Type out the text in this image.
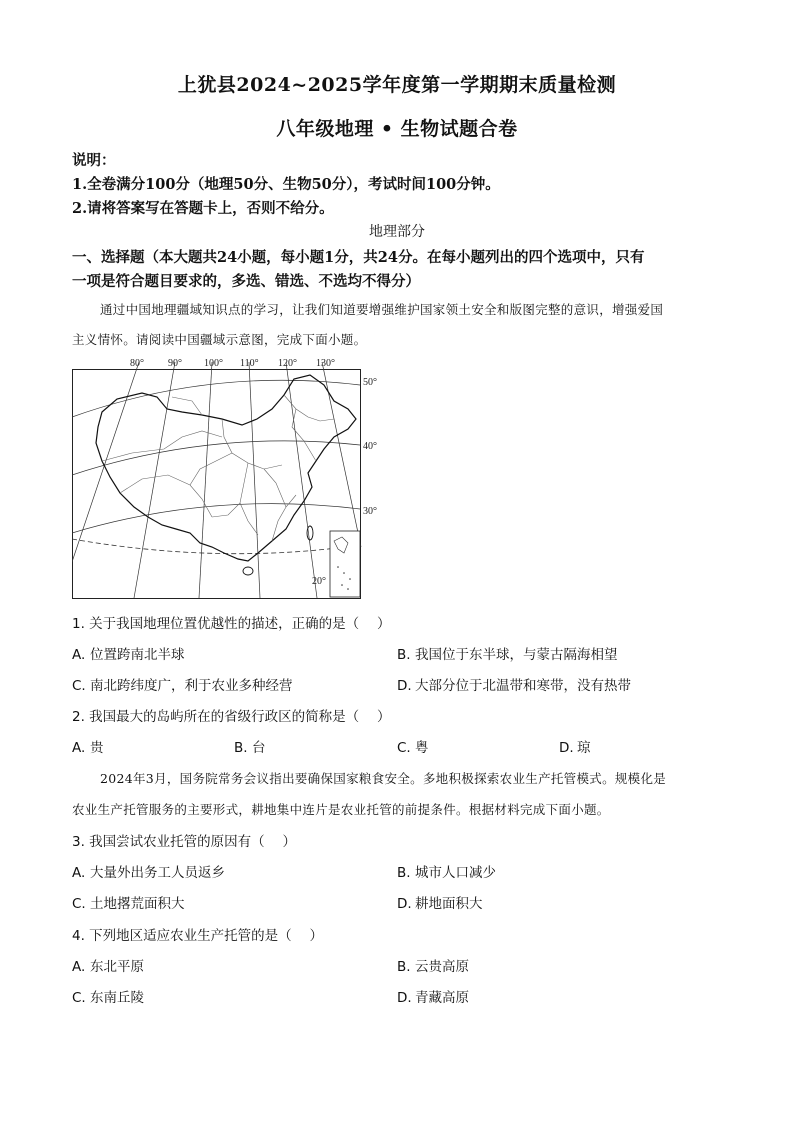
上犹县2024~2025学年度第一学期期末质量检测
八年级地理 • 生物试题合卷
说明：
1.全卷满分100分（地理50分、生物50分），考试时间100分钟。
2.请将答案写在答题卡上，否则不给分。
地理部分
一、选择题（本大题共24小题，每小题1分，共24分。在每小题列出的四个选项中，只有
一项是符合题目要求的，多选、错选、不选均不得分）
通过中国地理疆域知识点的学习，让我们知道要增强维护国家领土安全和版图完整的意识，增强爱国
主义情怀。请阅读中国疆域示意图，完成下面小题。
80° 90° 100° 110° 120° 130°
50°
40°
30°
20°
1. 关于我国地理位置优越性的描述，正确的是（　 ）
A. 位置跨南北半球	B. 我国位于东半球，与蒙古隔海相望
C. 南北跨纬度广，利于农业多种经营	D. 大部分位于北温带和寒带，没有热带
2. 我国最大的岛屿所在的省级行政区的简称是（　 ）
A. 贵	B. 台	C. 粤	D. 琼
2024年3月，国务院常务会议指出要确保国家粮食安全。多地积极探索农业生产托管模式。规模化是
农业生产托管服务的主要形式，耕地集中连片是农业托管的前提条件。根据材料完成下面小题。
3. 我国尝试农业托管的原因有（　 ）
A. 大量外出务工人员返乡	B. 城市人口减少
C. 土地撂荒面积大	D. 耕地面积大
4. 下列地区适应农业生产托管的是（　 ）
A. 东北平原	B. 云贵高原
C. 东南丘陵	D. 青藏高原
